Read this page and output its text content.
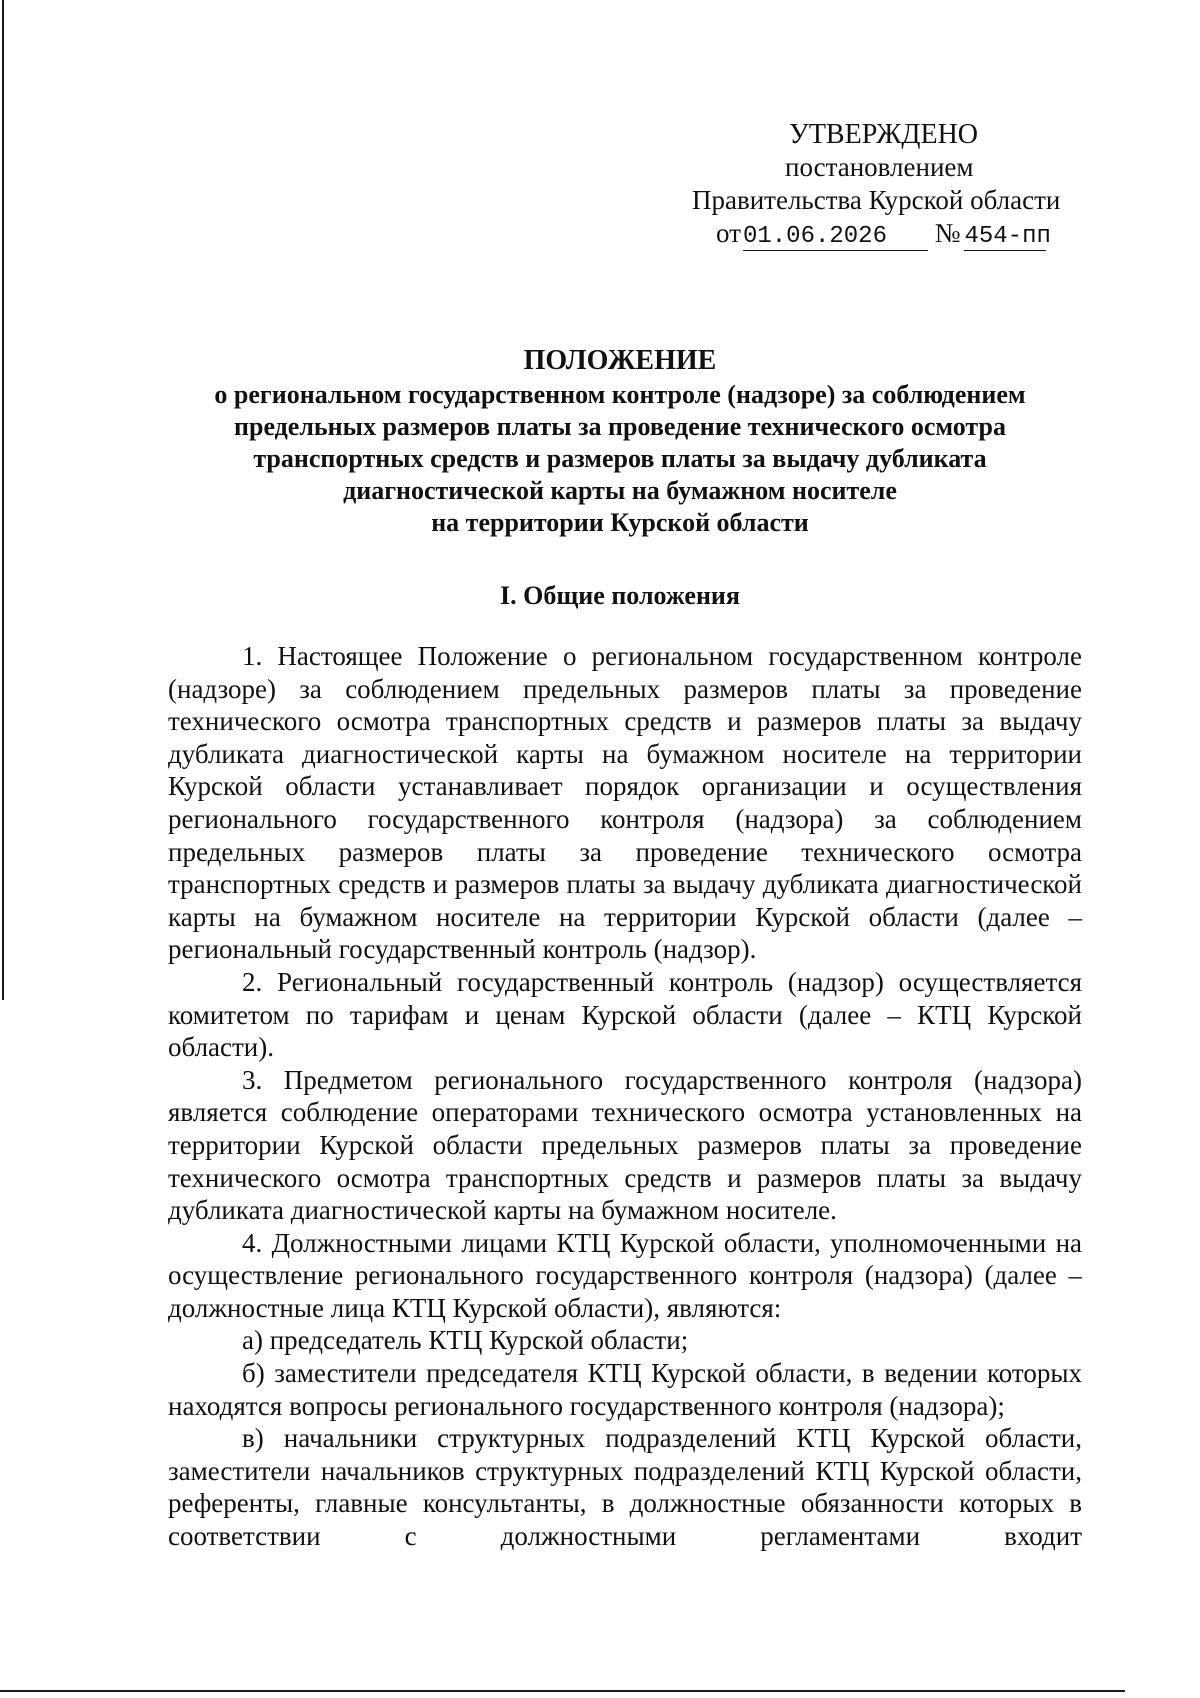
УТВЕРЖДЕНО
постановлением
Правительства Курской области
от01.06.2026 № 454-пп
ПОЛОЖЕНИЕ
о региональном государственном контроле (надзоре) за соблюдением
предельных размеров платы за проведение технического осмотра
транспортных средств и размеров платы за выдачу дубликата
диагностической карты на бумажном носителе
на территории Курской области
I. Общие положения

1. Настоящее Положение о региональном государственном контроле (надзоре) за соблюдением предельных размеров платы за проведение технического осмотра транспортных средств и размеров платы за выдачу дубликата диагностической карты на бумажном носителе на территории Курской области устанавливает порядок организации и осуществления регионального государственного контроля (надзора) за соблюдением предельных размеров платы за проведение технического осмотра транспортных средств и размеров платы за выдачу дубликата диагностической карты на бумажном носителе на территории Курской области (далее – региональный государственный контроль (надзор).

2. Региональный государственный контроль (надзор) осуществляется комитетом по тарифам и ценам Курской области (далее – КТЦ Курской области).

3. Предметом регионального государственного контроля (надзора) является соблюдение операторами технического осмотра установленных на территории Курской области предельных размеров платы за проведение технического осмотра транспортных средств и размеров платы за выдачу дубликата диагностической карты на бумажном носителе.

4. Должностными лицами КТЦ Курской области, уполномоченными на осуществление регионального государственного контроля (надзора) (далее – должностные лица КТЦ Курской области), являются:

а) председатель КТЦ Курской области;

б) заместители председателя КТЦ Курской области, в ведении которых находятся вопросы регионального государственного контроля (надзора);

в) начальники структурных подразделений КТЦ Курской области, заместители начальников структурных подразделений КТЦ Курской области, референты, главные консультанты, в должностные обязанности которых в соответствии с должностными регламентами входит
